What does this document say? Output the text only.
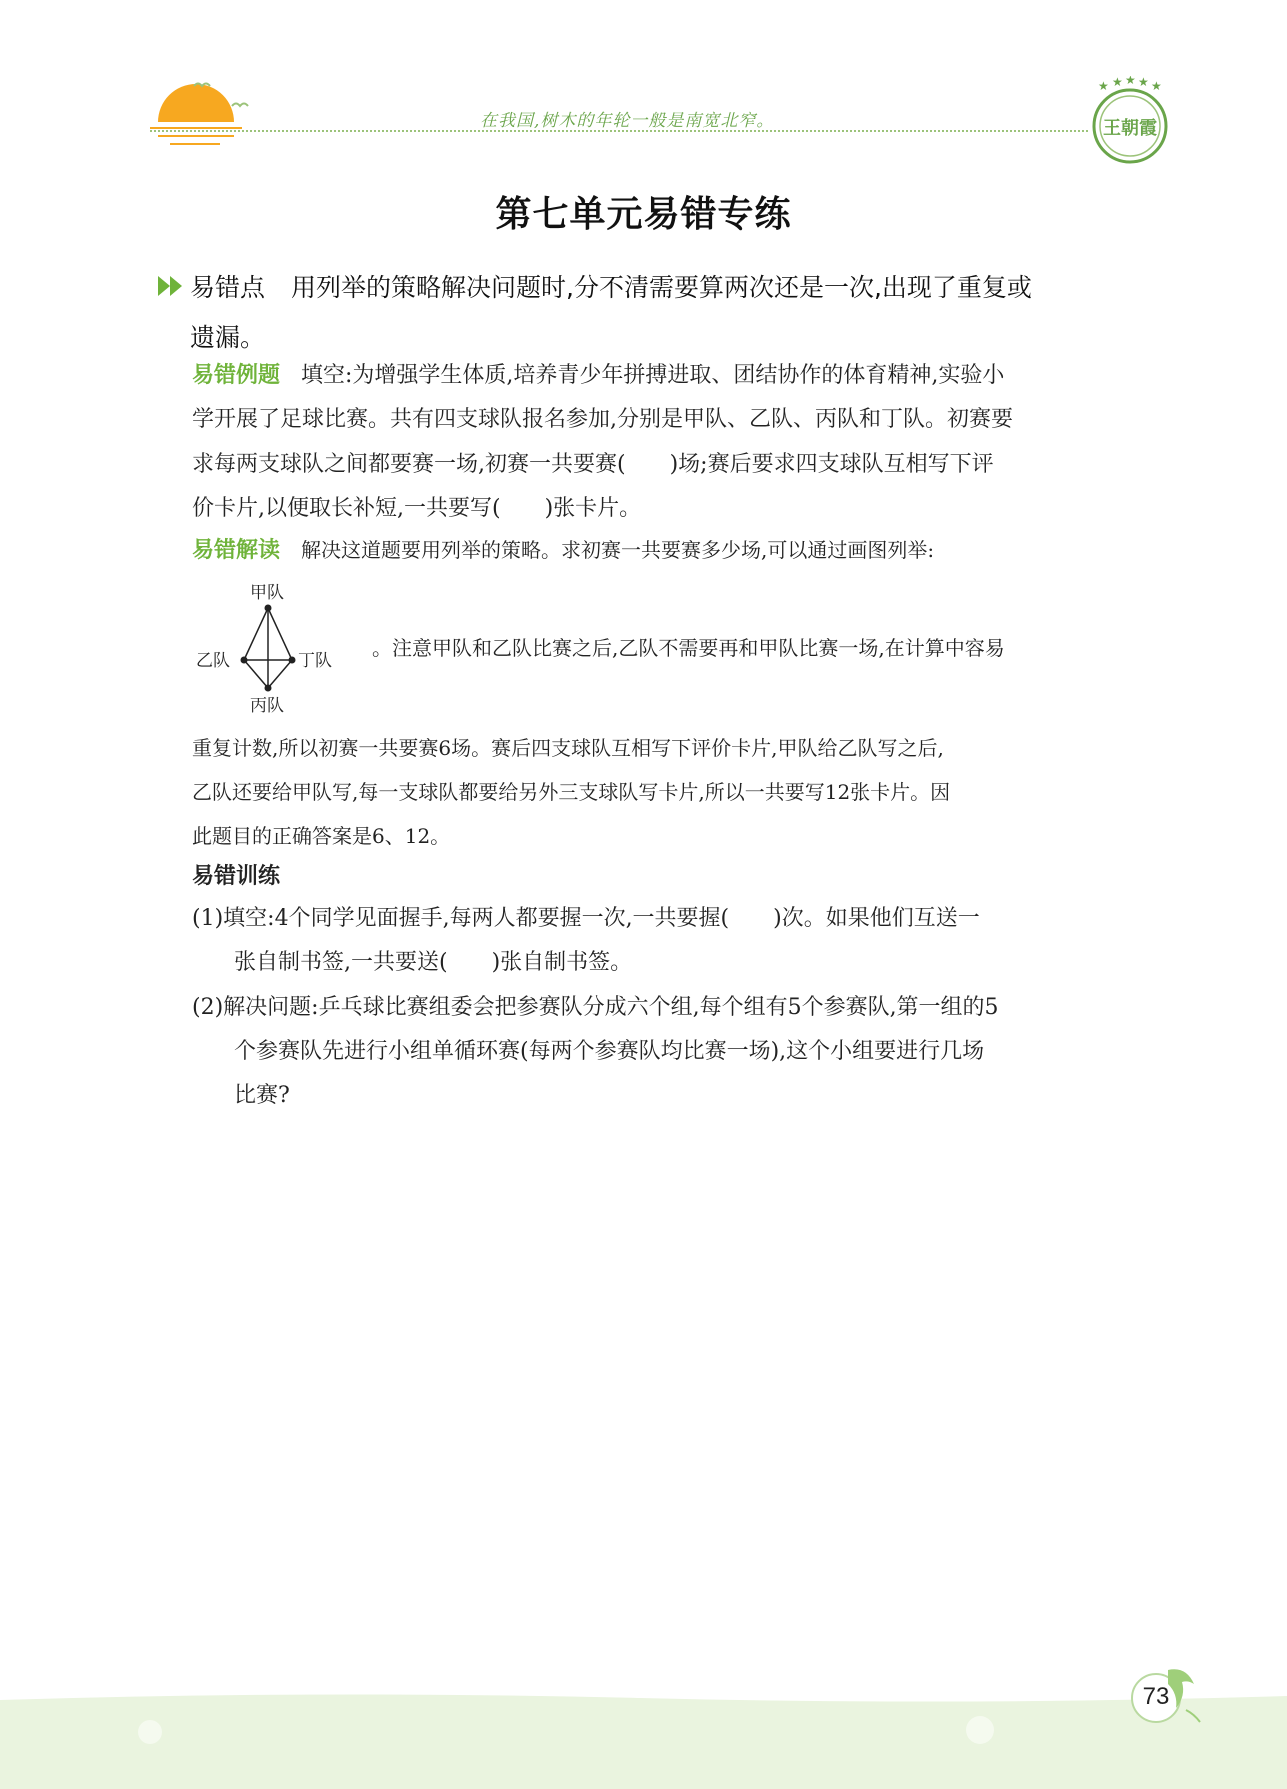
在我国,树木的年轮一般是南宽北窄。
★ ★ ★ ★ ★
王朝霞
第七单元易错专练
易错点 用列举的策略解决问题时,分不清需要算两次还是一次,出现了重复或
遗漏。
易错例题 填空:为增强学生体质,培养青少年拼搏进取、团结协作的体育精神,实验小
学开展了足球比赛。共有四支球队报名参加,分别是甲队、乙队、丙队和丁队。初赛要
求每两支球队之间都要赛一场,初赛一共要赛( )场;赛后要求四支球队互相写下评
价卡片,以便取长补短,一共要写( )张卡片。
易错解读 解决这道题要用列举的策略。求初赛一共要赛多少场,可以通过画图列举:
甲队
乙队	丁队
丙队
。注意甲队和乙队比赛之后,乙队不需要再和甲队比赛一场,在计算中容易
重复计数,所以初赛一共要赛6场。赛后四支球队互相写下评价卡片,甲队给乙队写之后,
乙队还要给甲队写,每一支球队都要给另外三支球队写卡片,所以一共要写12张卡片。因
此题目的正确答案是6、12。
易错训练
(1)填空:4个同学见面握手,每两人都要握一次,一共要握( )次。如果他们互送一
张自制书签,一共要送( )张自制书签。
(2)解决问题:乒乓球比赛组委会把参赛队分成六个组,每个组有5个参赛队,第一组的5
个参赛队先进行小组单循环赛(每两个参赛队均比赛一场),这个小组要进行几场
比赛?
73
